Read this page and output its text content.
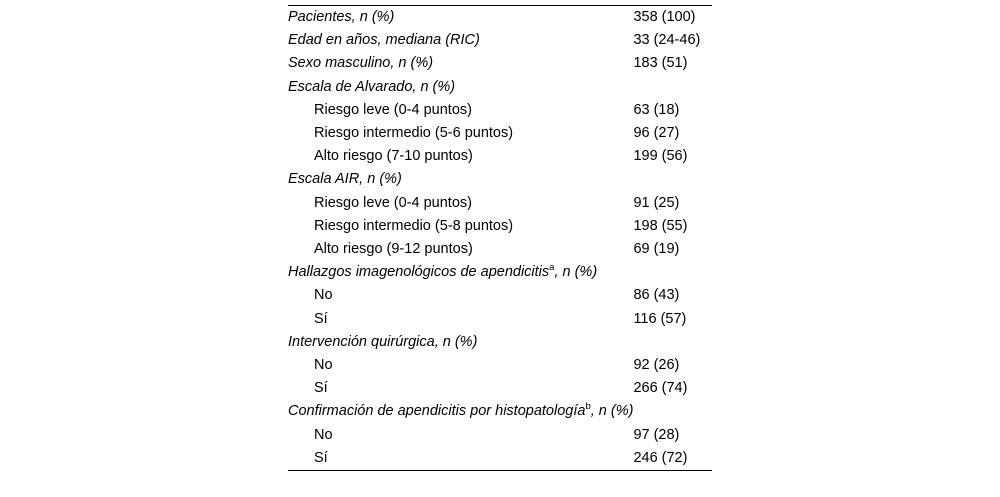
Pacientes, n (%)	358 (100)
Edad en años, mediana (RIC)	33 (24-46)
Sexo masculino, n (%)	183 (51)
Escala de Alvarado, n (%)	
Riesgo leve (0-4 puntos)	63 (18)
Riesgo intermedio (5-6 puntos)	96 (27)
Alto riesgo (7-10 puntos)	199 (56)
Escala AIR, n (%)	
Riesgo leve (0-4 puntos)	91 (25)
Riesgo intermedio (5-8 puntos)	198 (55)
Alto riesgo (9-12 puntos)	69 (19)
Hallazgos imagenológicos de apendicitis$^a$, n (%)	
No	86 (43)
Sí	116 (57)
Intervención quirúrgica, n (%)	
No	92 (26)
Sí	266 (74)
Confirmación de apendicitis por histopatología$^b$, n (%)	
No	97 (28)
Sí	246 (72)
